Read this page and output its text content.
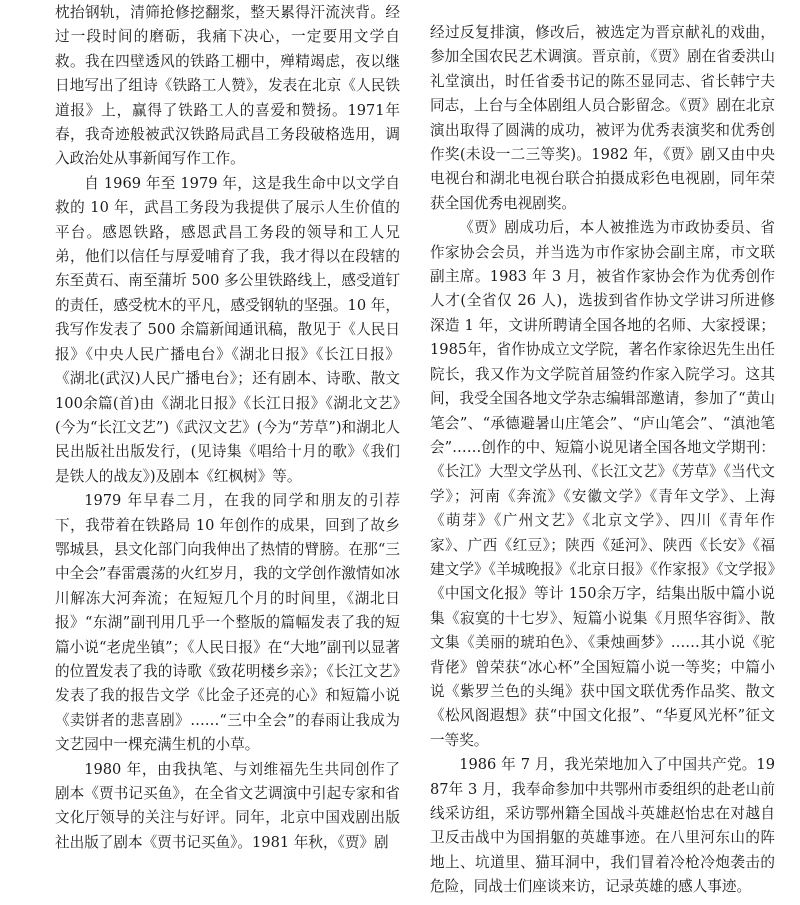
枕抬钢轨，清筛抢修挖翻浆，整天累得汗流浃背。经过一段时间的磨砺，我痛下决心，一定要用文学自救。我在四壁透风的铁路工棚中，殚精竭虑，夜以继日地写出了组诗《铁路工人赞》，发表在北京《人民铁道报》上，赢得了铁路工人的喜爱和赞扬。1971年春，我奇迹般被武汉铁路局武昌工务段破格选用，调入政治处从事新闻写作工作。

自 1969 年至 1979 年，这是我生命中以文学自救的 10 年，武昌工务段为我提供了展示人生价值的平台。感恩铁路，感恩武昌工务段的领导和工人兄弟，他们以信任与厚爱哺育了我，我才得以在段辖的东至黄石、南至蒲圻 500 多公里铁路线上，感受道钉的责任，感受枕木的平凡，感受钢轨的坚强。10 年，我写作发表了 500 余篇新闻通讯稿，散见于《人民日报》《中央人民广播电台》《湖北日报》《长江日报》《湖北(武汉)人民广播电台》；还有剧本、诗歌、散文 100余篇(首)由《湖北日报》《长江日报》《湖北文艺》(今为“长江文艺”)《武汉文艺》(今为“芳草”)和湖北人民出版社出版发行，(见诗集《唱给十月的歌》《我们是铁人的战友》)及剧本《红枫树》等。

1979 年早春二月，在我的同学和朋友的引荐下，我带着在铁路局 10 年创作的成果，回到了故乡鄂城县，县文化部门向我伸出了热情的臂膀。在那“三中全会”春雷震荡的火红岁月，我的文学创作激情如冰川解冻大河奔流；在短短几个月的时间里，《湖北日报》“东湖”副刊用几乎一个整版的篇幅发表了我的短篇小说“老虎坐镇”；《人民日报》在“大地”副刊以显著的位置发表了我的诗歌《致花明楼乡亲》；《长江文艺》发表了我的报告文学《比金子还亮的心》和短篇小说《卖饼者的悲喜剧》……“三中全会”的春雨让我成为文艺园中一棵充满生机的小草。

1980 年，由我执笔、与刘维福先生共同创作了剧本《贾书记买鱼》，在全省文艺调演中引起专家和省文化厅领导的关注与好评。同年，北京中国戏剧出版社出版了剧本《贾书记买鱼》。1981 年秋，《贾》剧

经过反复排演，修改后，被选定为晋京献礼的戏曲，参加全国农民艺术调演。晋京前，《贾》剧在省委洪山礼堂演出，时任省委书记的陈丕显同志、省长韩宁夫同志，上台与全体剧组人员合影留念。《贾》剧在北京演出取得了圆满的成功，被评为优秀表演奖和优秀创作奖(未设一二三等奖)。1982 年，《贾》剧又由中央电视台和湖北电视台联合拍摄成彩色电视剧，同年荣获全国优秀电视剧奖。

《贾》剧成功后，本人被推选为市政协委员、省作家协会会员，并当选为市作家协会副主席，市文联副主席。1983 年 3 月，被省作家协会作为优秀创作人才(全省仅 26 人)，选拔到省作协文学讲习所进修深造 1 年，文讲所聘请全国各地的名师、大家授课；1985年，省作协成立文学院，著名作家徐迟先生出任院长，我又作为文学院首届签约作家入院学习。这其间，我受全国各地文学杂志编辑部邀请，参加了“黄山笔会”、“承德避暑山庄笔会”、“庐山笔会”、“滇池笔会”……创作的中、短篇小说见诸全国各地文学期刊：《长江》大型文学丛刊、《长江文艺》《芳草》《当代文学》；河南《奔流》《安徽文学》《青年文学》、上海《萌芽》《广州文艺》《北京文学》、四川《青年作家》、广西《红豆》；陕西《延河》、陕西《长安》《福建文学》《羊城晚报》《北京日报》《作家报》《文学报》《中国文化报》等计 150余万字，结集出版中篇小说集《寂寞的十七岁》、短篇小说集《月照华容街》、散文集《美丽的琥珀色》、《秉烛画梦》……其小说《驼背佬》曾荣获“冰心杯”全国短篇小说一等奖；中篇小说《紫罗兰色的头绳》获中国文联优秀作品奖、散文《松风阁遐想》获“中国文化报”、“华夏风光杯”征文一等奖。

1986 年 7 月，我光荣地加入了中国共产党。1987年 3 月，我奉命参加中共鄂州市委组织的赴老山前线采访组，采访鄂州籍全国战斗英雄赵怡忠在对越自卫反击战中为国捐躯的英雄事迹。在八里河东山的阵地上、坑道里、猫耳洞中，我们冒着冷枪冷炮袭击的危险，同战士们座谈来访，记录英雄的感人事迹。
